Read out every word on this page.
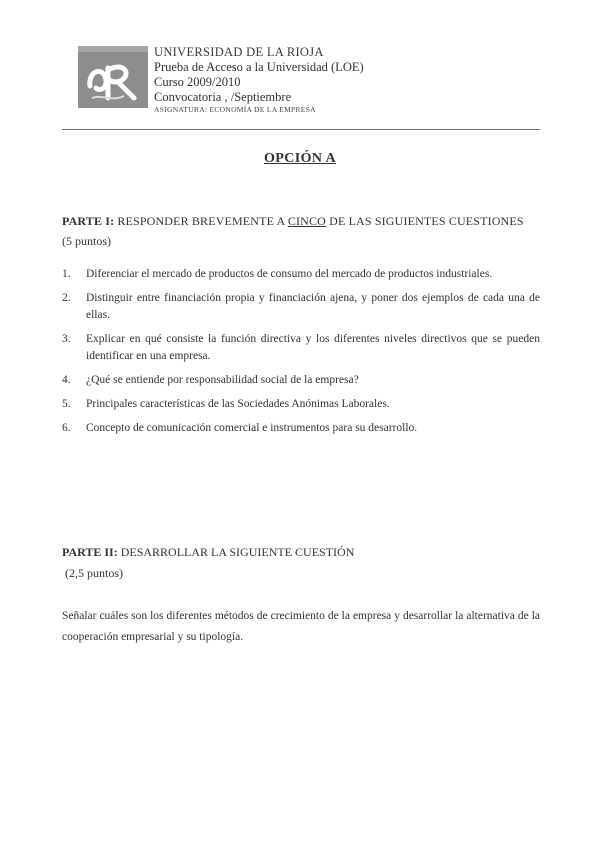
UNIVERSIDAD DE LA RIOJA
Prueba de Acceso a la Universidad (LOE)
Curso 2009/2010
Convocatoria , /Septiembre
ASIGNATURA: ECONOMÍA DE LA EMPRESA
OPCIÓN A
PARTE I: RESPONDER BREVEMENTE A CINCO DE LAS SIGUIENTES CUESTIONES
(5 puntos)
1. Diferenciar el mercado de productos de consumo del mercado de productos industriales.
2. Distinguir entre financiación propia y financiación ajena, y poner dos ejemplos de cada una de ellas.
3. Explicar en qué consiste la función directiva y los diferentes niveles directivos que se pueden identificar en una empresa.
4. ¿Qué se entiende por responsabilidad social de la empresa?
5. Principales características de las Sociedades Anónimas Laborales.
6. Concepto de comunicación comercial e instrumentos para su desarrollo.
PARTE II: DESARROLLAR LA SIGUIENTE CUESTIÓN
(2,5 puntos)
Señalar cuáles son los diferentes métodos de crecimiento de la empresa y desarrollar la alternativa de la cooperación empresarial y su tipología.
